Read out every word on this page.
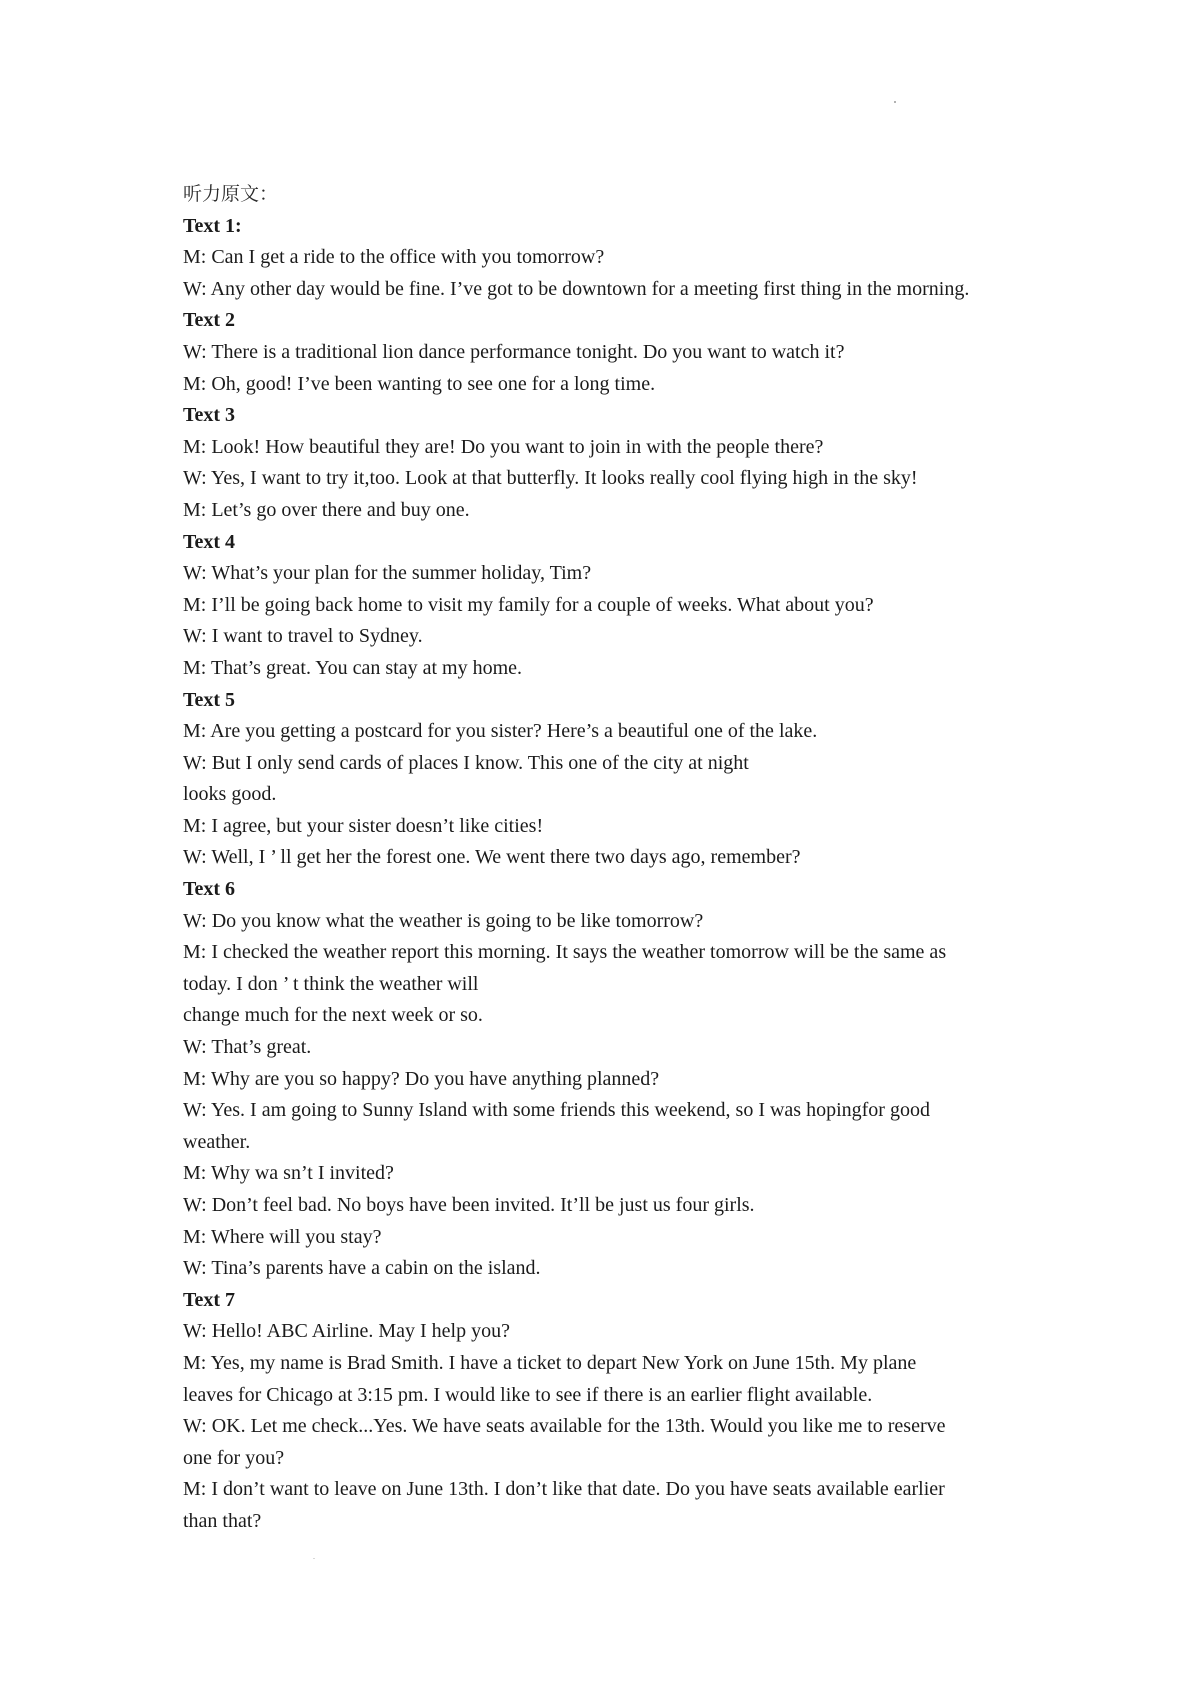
听力原文：
Text 1:
M: Can I get a ride to the office with you tomorrow?
W: Any other day would be fine. I’ve got to be downtown for a meeting first thing in the morning.
Text 2
W: There is a traditional lion dance performance tonight. Do you want to watch it?
M: Oh, good! I’ve been wanting to see one for a long time.
Text 3
M: Look! How beautiful they are! Do you want to join in with the people there?
W: Yes, I want to try it,too. Look at that butterfly. It looks really cool flying high in the sky!
M: Let’s go over there and buy one.
Text 4
W: What’s your plan for the summer holiday, Tim?
M: I’ll be going back home to visit my family for a couple of weeks. What about you?
W: I want to travel to Sydney.
M: That’s great. You can stay at my home.
Text 5
M: Are you getting a postcard for you sister? Here’s a beautiful one of the lake.
W: But I only send cards of places I know. This one of the city at night
looks good.
M: I agree, but your sister doesn’t like cities!
W: Well, I ’ ll get her the forest one. We went there two days ago, remember?
Text 6
W: Do you know what the weather is going to be like tomorrow?
M: I checked the weather report this morning. It says the weather tomorrow will be the same as
today. I don ’ t think the weather will
change much for the next week or so.
W: That’s great.
M: Why are you so happy? Do you have anything planned?
W: Yes. I am going to Sunny Island with some friends this weekend, so I was hopingfor good
weather.
M: Why wa sn’t I invited?
W: Don’t feel bad. No boys have been invited. It’ll be just us four girls.
M: Where will you stay?
W: Tina’s parents have a cabin on the island.
Text 7
W: Hello! ABC Airline. May I help you?
M: Yes, my name is Brad Smith. I have a ticket to depart New York on June 15th. My plane
leaves for Chicago at 3:15 pm. I would like to see if there is an earlier flight available.
W: OK. Let me check...Yes. We have seats available for the 13th. Would you like me to reserve
one for you?
M: I don’t want to leave on June 13th. I don’t like that date. Do you have seats available earlier
than that?
